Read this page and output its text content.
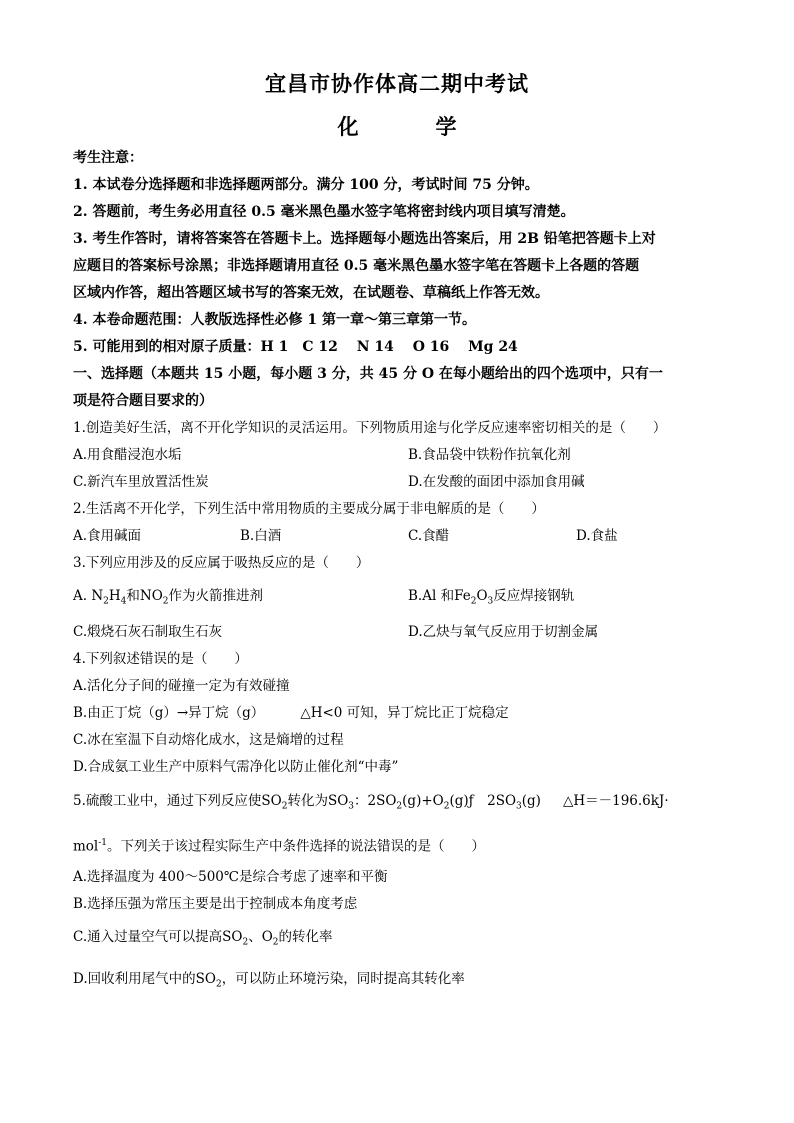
宜昌市协作体高二期中考试
化　学
考生注意：
1. 本试卷分选择题和非选择题两部分。满分 100 分，考试时间 75 分钟。
2. 答题前，考生务必用直径 0.5 毫米黑色墨水签字笔将密封线内项目填写清楚。
3. 考生作答时，请将答案答在答题卡上。选择题每小题选出答案后，用 2B 铅笔把答题卡上对
应题目的答案标号涂黑；非选择题请用直径 0.5 毫米黑色墨水签字笔在答题卡上各题的答题
区域内作答，超出答题区域书写的答案无效，在试题卷、草稿纸上作答无效。
4. 本卷命题范围：人教版选择性必修 1 第一章～第三章第一节。
5. 可能用到的相对原子质量：H 1　C 12　 N 14　 O 16　 Mg 24
一、选择题（本题共 15 小题，每小题 3 分，共 45 分 O 在每小题给出的四个选项中，只有一
项是符合题目要求的）
1.创造美好生活，离不开化学知识的灵活运用。下列物质用途与化学反应速率密切相关的是（　　）
A.用食醋浸泡水垢	B.食品袋中铁粉作抗氧化剂
C.新汽车里放置活性炭	D.在发酸的面团中添加食用碱
2.生活离不开化学，下列生活中常用物质的主要成分属于非电解质的是（　　）
A.食用碱面	B.白酒	C.食醋	D.食盐
3.下列应用涉及的反应属于吸热反应的是（　　）
A. $N_2H_4$和$NO_2$作为火箭推进剂	B.Al 和$Fe_2O_3$反应焊接钢轨
C.煅烧石灰石制取生石灰	D.乙炔与氧气反应用于切割金属
4.下列叙述错误的是（　　）
A.活化分子间的碰撞一定为有效碰撞
B.由正丁烷（g）→异丁烷（g）	△H<0 可知，异丁烷比正丁烷稳定
C.冰在室温下自动熔化成水，这是熵增的过程
D.合成氨工业生产中原料气需净化以防止催化剂“中毒”
5.硫酸工业中，通过下列反应使$SO_2$转化为$SO_3$：$2SO_2(g)+O_2(g)ƒ$　$2SO_3(g)$ △H＝－196.6kJ·
mol$^{-1}$。下列关于该过程实际生产中条件选择的说法错误的是（　　）
A.选择温度为 400～500℃是综合考虑了速率和平衡
B.选择压强为常压主要是出于控制成本角度考虑
C.通入过量空气可以提高$SO_2$、$O_2$的转化率
D.回收利用尾气中的$SO_2$，可以防止环境污染，同时提高其转化率
